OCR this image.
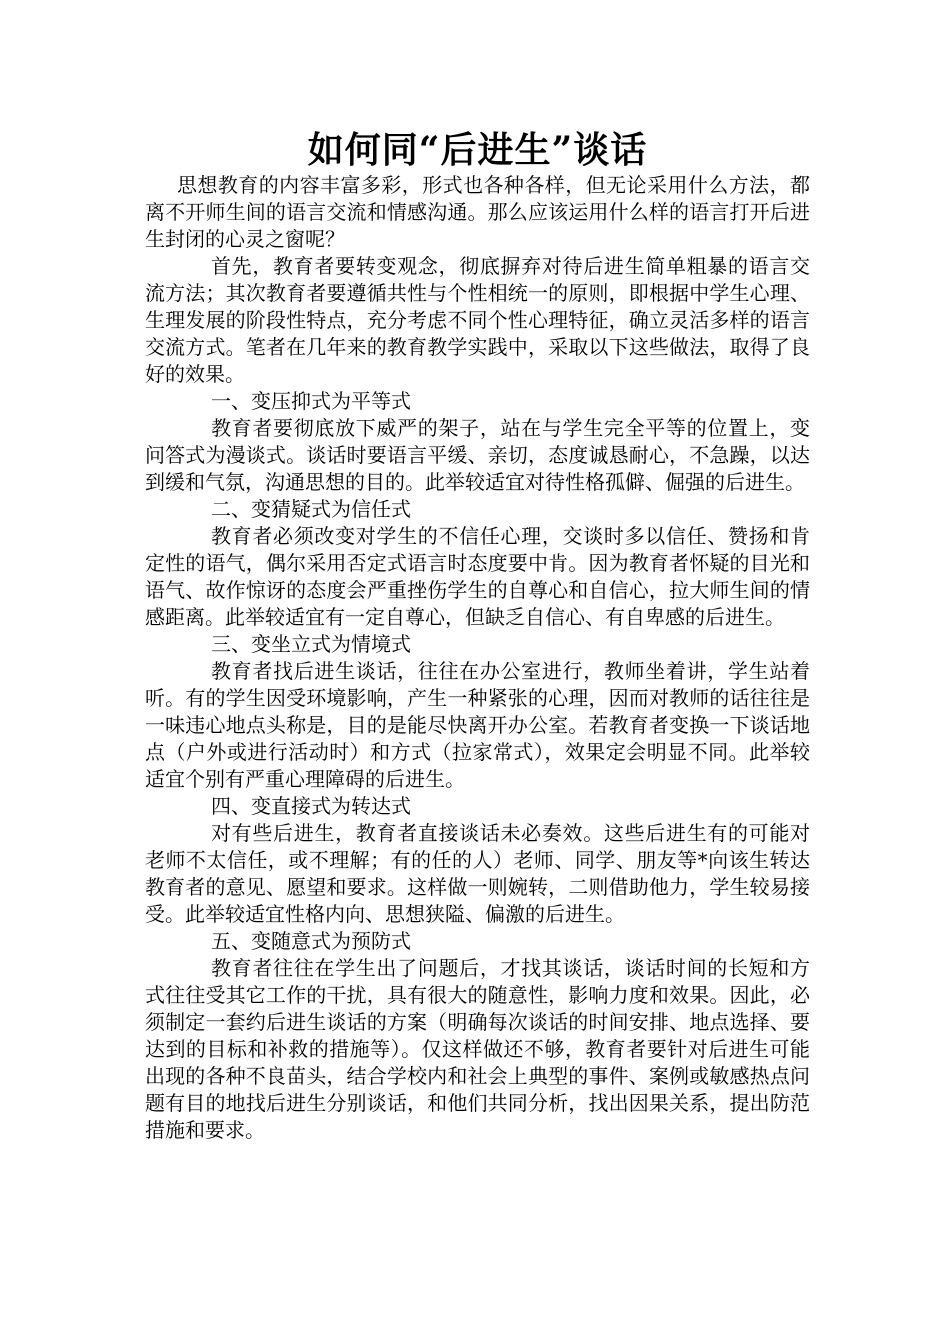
如何同“后进生”谈话

思想教育的内容丰富多彩，形式也各种各样，但无论采用什么方法，都离不开师生间的语言交流和情感沟通。那么应该运用什么样的语言打开后进生封闭的心灵之窗呢？

首先，教育者要转变观念，彻底摒弃对待后进生简单粗暴的语言交流方法；其次教育者要遵循共性与个性相统一的原则，即根据中学生心理、生理发展的阶段性特点，充分考虑不同个性心理特征，确立灵活多样的语言交流方式。笔者在几年来的教育教学实践中，采取以下这些做法，取得了良好的效果。

一、变压抑式为平等式

教育者要彻底放下威严的架子，站在与学生完全平等的位置上，变问答式为漫谈式。谈话时要语言平缓、亲切，态度诚恳耐心，不急躁，以达到缓和气氛，沟通思想的目的。此举较适宜对待性格孤僻、倔强的后进生。

二、变猜疑式为信任式

教育者必须改变对学生的不信任心理，交谈时多以信任、赞扬和肯定性的语气，偶尔采用否定式语言时态度要中肯。因为教育者怀疑的目光和语气、故作惊讶的态度会严重挫伤学生的自尊心和自信心，拉大师生间的情感距离。此举较适宜有一定自尊心，但缺乏自信心、有自卑感的后进生。

三、变坐立式为情境式

教育者找后进生谈话，往往在办公室进行，教师坐着讲，学生站着听。有的学生因受环境影响，产生一种紧张的心理，因而对教师的话往往是一味违心地点头称是，目的是能尽快离开办公室。若教育者变换一下谈话地点（户外或进行活动时）和方式（拉家常式），效果定会明显不同。此举较适宜个别有严重心理障碍的后进生。

四、变直接式为转达式

对有些后进生，教育者直接谈话未必奏效。这些后进生有的可能对老师不太信任，或不理解；有的任的人）老师、同学、朋友等*向该生转达教育者的意见、愿望和要求。这样做一则婉转，二则借助他力，学生较易接受。此举较适宜性格内向、思想狭隘、偏激的后进生。

五、变随意式为预防式

教育者往往在学生出了问题后，才找其谈话，谈话时间的长短和方式往往受其它工作的干扰，具有很大的随意性，影响力度和效果。因此，必须制定一套约后进生谈话的方案（明确每次谈话的时间安排、地点选择、要达到的目标和补救的措施等）。仅这样做还不够，教育者要针对后进生可能出现的各种不良苗头，结合学校内和社会上典型的事件、案例或敏感热点问题有目的地找后进生分别谈话，和他们共同分析，找出因果关系，提出防范措施和要求。
